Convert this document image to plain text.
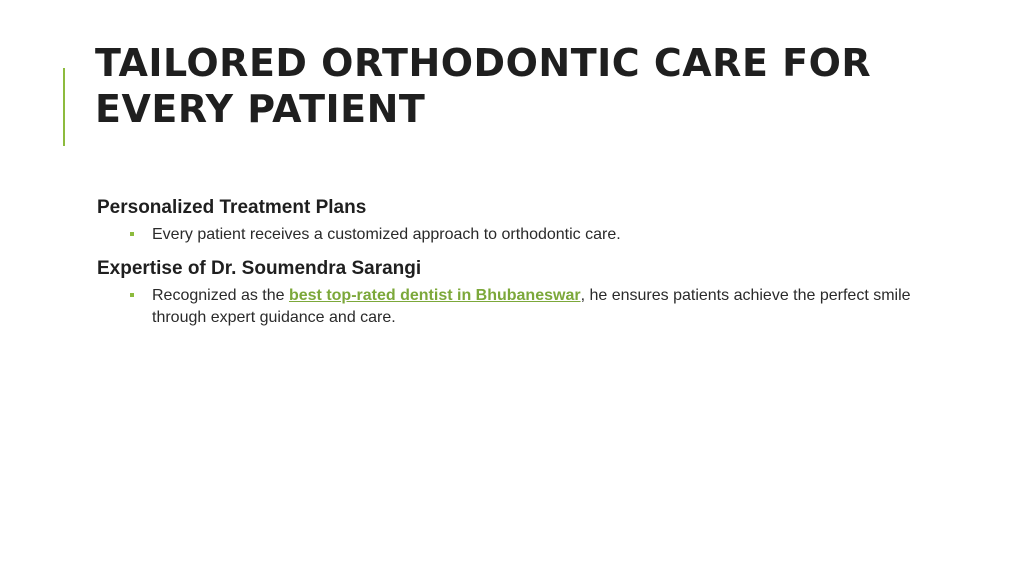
TAILORED ORTHODONTIC CARE FOR EVERY PATIENT
Personalized Treatment Plans
Every patient receives a customized approach to orthodontic care.
Expertise of Dr. Soumendra Sarangi
Recognized as the best top-rated dentist in Bhubaneswar, he ensures patients achieve the perfect smile through expert guidance and care.
